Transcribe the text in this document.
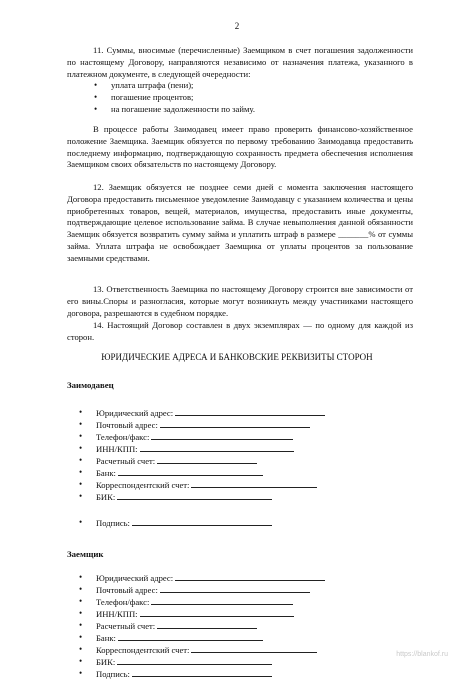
2

11. Суммы, вносимые (перечисленные) Заемщиком в счет погашения задолженности по настоящему Договору, направляются независимо от назначения платежа, указанного в платежном документе, в следующей очередности:

• уплата штрафа (пени);
• погашение процентов;
• на погашение задолженности по займу.

В процессе работы Заимодавец имеет право проверить финансово-хозяйственное положение Заемщика. Заемщик обязуется по первому требованию Заимодавца предоставить последнему информацию, подтверждающую сохранность предмета обеспечения исполнения Заемщиком своих обязательств по настоящему Договору.

12. Заемщик обязуется не позднее семи дней с момента заключения настоящего Договора предоставить письменное уведомление Заимодавцу с указанием количества и цены приобретенных товаров, вещей, материалов, имущества, предоставить иные документы, подтверждающие целевое использование займа. В случае невыполнения данной обязанности Заемщик обязуется возвратить сумму займа и уплатить штраф в размере _______% от суммы займа. Уплата штрафа не освобождает Заемщика от уплаты процентов за пользование заемными средствами.

13. Ответственность Заемщика по настоящему Договору строится вне зависимости от его вины.Споры и разногласия, которые могут возникнуть между участниками настоящего договора, разрешаются в судебном порядке.

14. Настоящий Договор составлен в двух экземплярах — по одному для каждой из сторон.

ЮРИДИЧЕСКИЕ АДРЕСА И БАНКОВСКИЕ РЕКВИЗИТЫ СТОРОН
Заимодавец
• Юридический адрес:
• Почтовый адрес:
• Телефон/факс:
• ИНН/КПП:
• Расчетный счет:
• Банк:
• Корреспондентский счет:
• БИК:
• Подпись:
Заемщик
• Юридический адрес:
• Почтовый адрес:
• Телефон/факс:
• ИНН/КПП:
• Расчетный счет:
• Банк:
• Корреспондентский счет:
• БИК:
• Подпись:
https://blankof.ru
